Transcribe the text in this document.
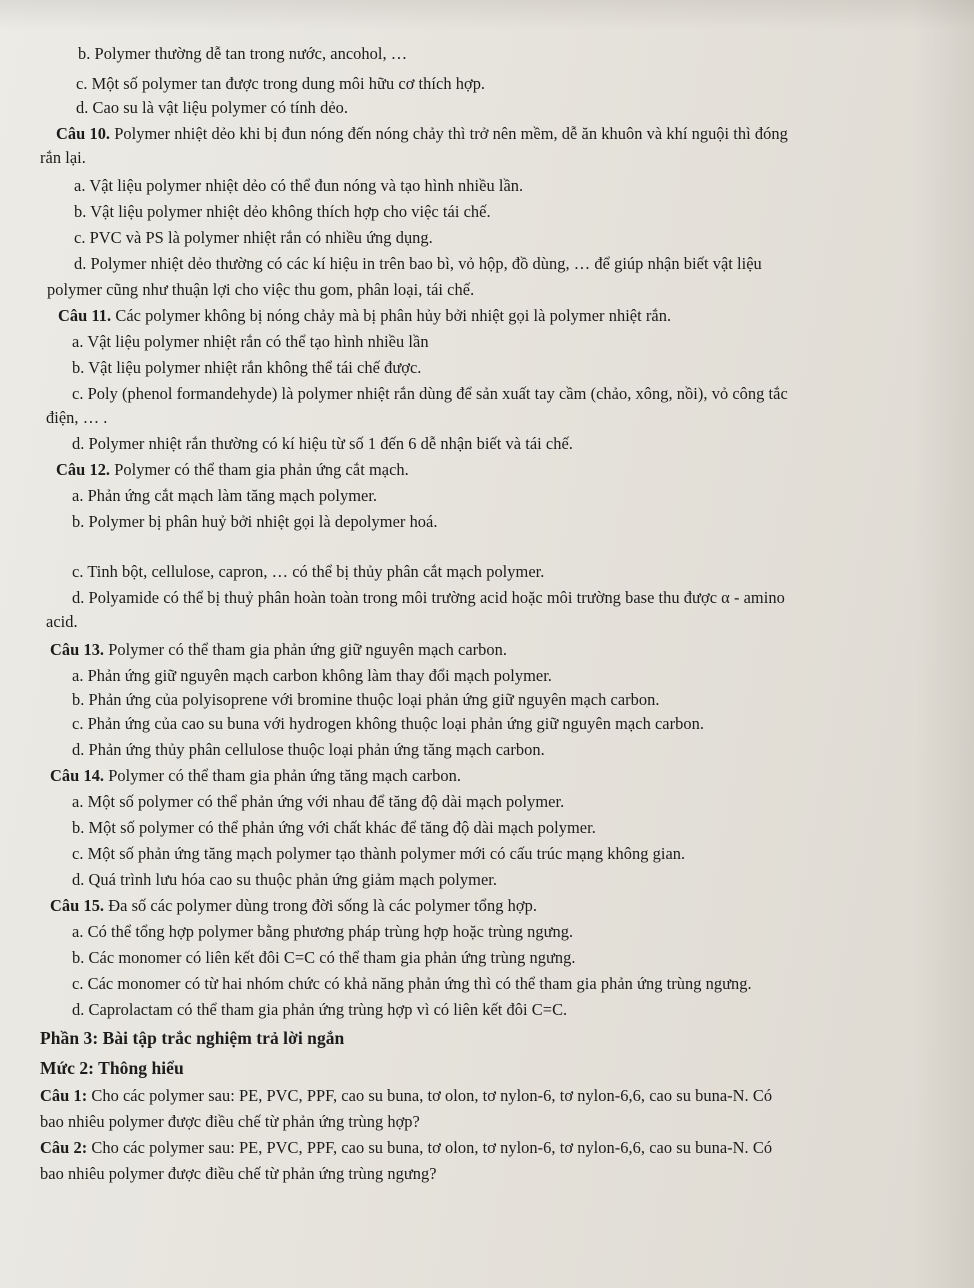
b. Polymer thường dễ tan trong nước, ancohol, …
c. Một số polymer tan được trong dung môi hữu cơ thích hợp.
d. Cao su là vật liệu polymer có tính dẻo.
Câu 10. Polymer nhiệt dẻo khi bị đun nóng đến nóng chảy thì trở nên mềm, dễ ăn khuôn và khí nguội thì đóng
rắn lại.
a. Vật liệu polymer nhiệt dẻo có thể đun nóng và tạo hình nhiều lần.
b. Vật liệu polymer nhiệt dẻo không thích hợp cho việc tái chế.
c. PVC và PS là polymer nhiệt rắn có nhiều ứng dụng.
d. Polymer nhiệt dẻo thường có các kí hiệu in trên bao bì, vỏ hộp, đồ dùng, … để giúp nhận biết vật liệu
polymer cũng như thuận lợi cho việc thu gom, phân loại, tái chế.
Câu 11. Các polymer không bị nóng chảy mà bị phân hủy bởi nhiệt gọi là polymer nhiệt rắn.
a. Vật liệu polymer nhiệt rắn có thể tạo hình nhiều lần
b. Vật liệu polymer nhiệt rắn không thể tái chế được.
c. Poly (phenol formandehyde) là polymer nhiệt rắn dùng để sản xuất tay cầm (chảo, xông, nồi), vỏ công tắc
điện, … .
d. Polymer nhiệt rắn thường có kí hiệu từ số 1 đến 6 dễ nhận biết và tái chế.
Câu 12. Polymer có thể tham gia phản ứng cắt mạch.
a. Phản ứng cắt mạch làm tăng mạch polymer.
b. Polymer bị phân huỷ bởi nhiệt gọi là depolymer hoá.
c. Tinh bột, cellulose, capron, … có thể bị thủy phân cắt mạch polymer.
d. Polyamide có thể bị thuỷ phân hoàn toàn trong môi trường acid hoặc môi trường base thu được α - amino
acid.
Câu 13. Polymer có thể tham gia phản ứng giữ nguyên mạch carbon.
a. Phản ứng giữ nguyên mạch carbon không làm thay đổi mạch polymer.
b. Phản ứng của polyisoprene với bromine thuộc loại phản ứng giữ nguyên mạch carbon.
c. Phản ứng của cao su buna với hydrogen không thuộc loại phản ứng giữ nguyên mạch carbon.
d. Phản ứng thủy phân cellulose thuộc loại phản ứng tăng mạch carbon.
Câu 14. Polymer có thể tham gia phản ứng tăng mạch carbon.
a. Một số polymer có thể phản ứng với nhau để tăng độ dài mạch polymer.
b. Một số polymer có thể phản ứng với chất khác để tăng độ dài mạch polymer.
c. Một số phản ứng tăng mạch polymer tạo thành polymer mới có cấu trúc mạng không gian.
d. Quá trình lưu hóa cao su thuộc phản ứng giảm mạch polymer.
Câu 15. Đa số các polymer dùng trong đời sống là các polymer tổng hợp.
a. Có thể tổng hợp polymer bằng phương pháp trùng hợp hoặc trùng ngưng.
b. Các monomer có liên kết đôi C=C có thể tham gia phản ứng trùng ngưng.
c. Các monomer có từ hai nhóm chức có khả năng phản ứng thì có thể tham gia phản ứng trùng ngưng.
d. Caprolactam có thể tham gia phản ứng trùng hợp vì có liên kết đôi C=C.
Phần 3: Bài tập trắc nghiệm trả lời ngắn
Mức 2: Thông hiểu
Câu 1: Cho các polymer sau: PE, PVC, PPF, cao su buna, tơ olon, tơ nylon-6, tơ nylon-6,6, cao su buna-N. Có
bao nhiêu polymer được điều chế từ phản ứng trùng hợp?
Câu 2: Cho các polymer sau: PE, PVC, PPF, cao su buna, tơ olon, tơ nylon-6, tơ nylon-6,6, cao su buna-N. Có
bao nhiêu polymer được điều chế từ phản ứng trùng ngưng?
